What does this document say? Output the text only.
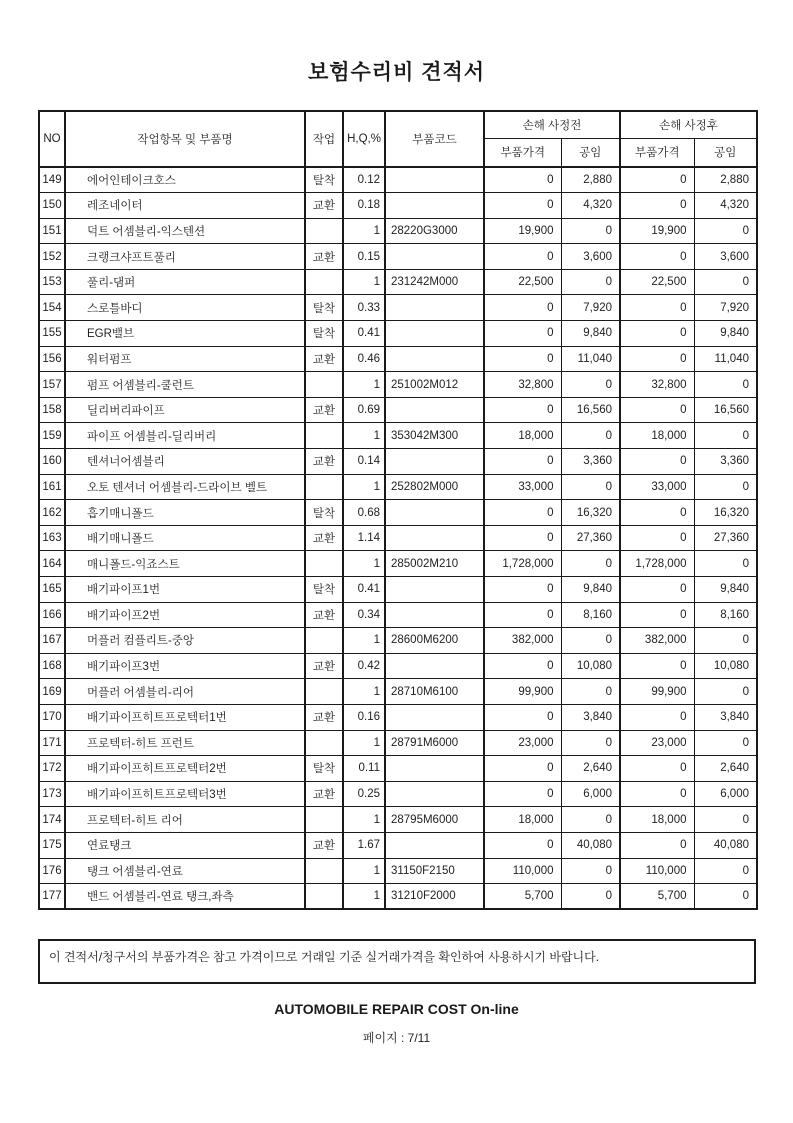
보험수리비 견적서
NO	작업항목 및 부품명	작업	H,Q,%	부품코드	손해 사정전		손해 사정후	
					부품가격	공임	부품가격	공임
149	에어인테이크호스	탈착	0.12		0	2,880	0	2,880
150	레조네이터	교환	0.18		0	4,320	0	4,320
151	덕트 어셈블리-익스텐션		1	28220G3000	19,900	0	19,900	0
152	크랭크샤프트풀리	교환	0.15		0	3,600	0	3,600
153	풀리-댐퍼		1	231242M000	22,500	0	22,500	0
154	스로틀바디	탈착	0.33		0	7,920	0	7,920
155	EGR밸브	탈착	0.41		0	9,840	0	9,840
156	워터펌프	교환	0.46		0	11,040	0	11,040
157	펌프 어셈블리-쿨런트		1	251002M012	32,800	0	32,800	0
158	딜리버리파이프	교환	0.69		0	16,560	0	16,560
159	파이프 어셈블리-딜리버리		1	353042M300	18,000	0	18,000	0
160	텐셔너어셈블리	교환	0.14		0	3,360	0	3,360
161	오토 텐셔너 어셈블리-드라이브 벨트		1	252802M000	33,000	0	33,000	0
162	흡기매니폴드	탈착	0.68		0	16,320	0	16,320
163	배기매니폴드	교환	1.14		0	27,360	0	27,360
164	매니폴드-익죠스트		1	285002M210	1,728,000	0	1,728,000	0
165	배기파이프1번	탈착	0.41		0	9,840	0	9,840
166	배기파이프2번	교환	0.34		0	8,160	0	8,160
167	머플러 컴플리트-중앙		1	28600M6200	382,000	0	382,000	0
168	배기파이프3번	교환	0.42		0	10,080	0	10,080
169	머플러 어셈블리-리어		1	28710M6100	99,900	0	99,900	0
170	배기파이프히트프로텍터1번	교환	0.16		0	3,840	0	3,840
171	프로텍터-히트 프런트		1	28791M6000	23,000	0	23,000	0
172	배기파이프히트프로텍터2번	탈착	0.11		0	2,640	0	2,640
173	배기파이프히트프로텍터3번	교환	0.25		0	6,000	0	6,000
174	프로텍터-히트 리어		1	28795M6000	18,000	0	18,000	0
175	연료탱크	교환	1.67		0	40,080	0	40,080
176	탱크 어셈블리-연료		1	31150F2150	110,000	0	110,000	0
177	밴드 어셈블리-연료 탱크,좌측		1	31210F2000	5,700	0	5,700	0
이 견적서/청구서의 부품가격은 참고 가격이므로 거래일 기준 실거래가격을 확인하여 사용하시기 바랍니다.
AUTOMOBILE REPAIR COST On-line
페이지 : 7/11
